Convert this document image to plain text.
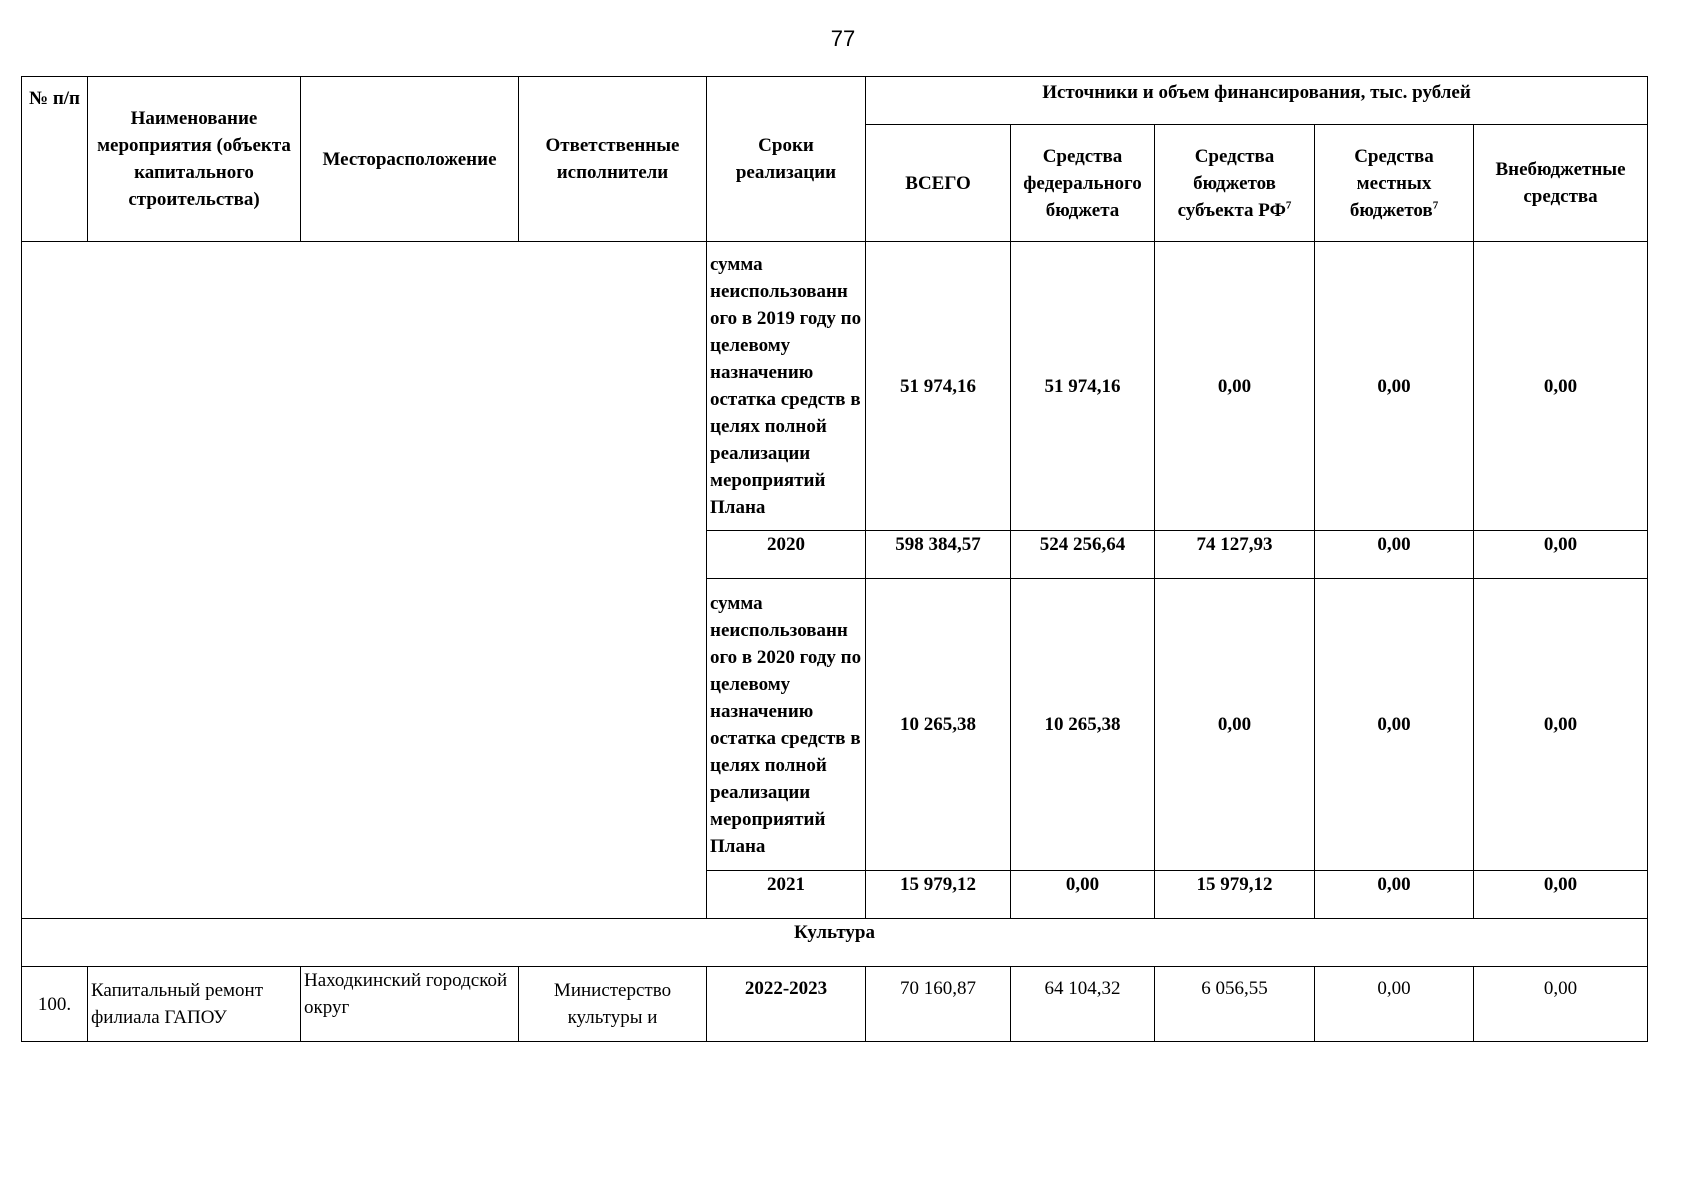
77
№ п/п	Наименование мероприятия (объекта капитального строительства)	Месторасположение	Ответственные исполнители	Сроки реализации	Источники и объем финансирования, тыс. рублей				
					ВСЕГО	Средства федерального бюджета	Средства бюджетов субъекта $РФ^7$	Средства местных бюджетов$^7$	Внебюджетные средства
				сумма неиспользованн ого в 2019 году по целевому назначению остатка средств в целях полной реализации мероприятий Плана	51 974,16	51 974,16	0,00	0,00	0,00
				2020	598 384,57	524 256,64	74 127,93	0,00	0,00
				сумма неиспользованн ого в 2020 году по целевому назначению остатка средств в целях полной реализации мероприятий Плана	10 265,38	10 265,38	0,00	0,00	0,00
				2021	15 979,12	0,00	15 979,12	0,00	0,00
Культура									
100.	Капитальный ремонт филиала ГАПОУ	Находкинский городской округ	Министерство культуры и	2022-2023	70 160,87	64 104,32	6 056,55	0,00	0,00
